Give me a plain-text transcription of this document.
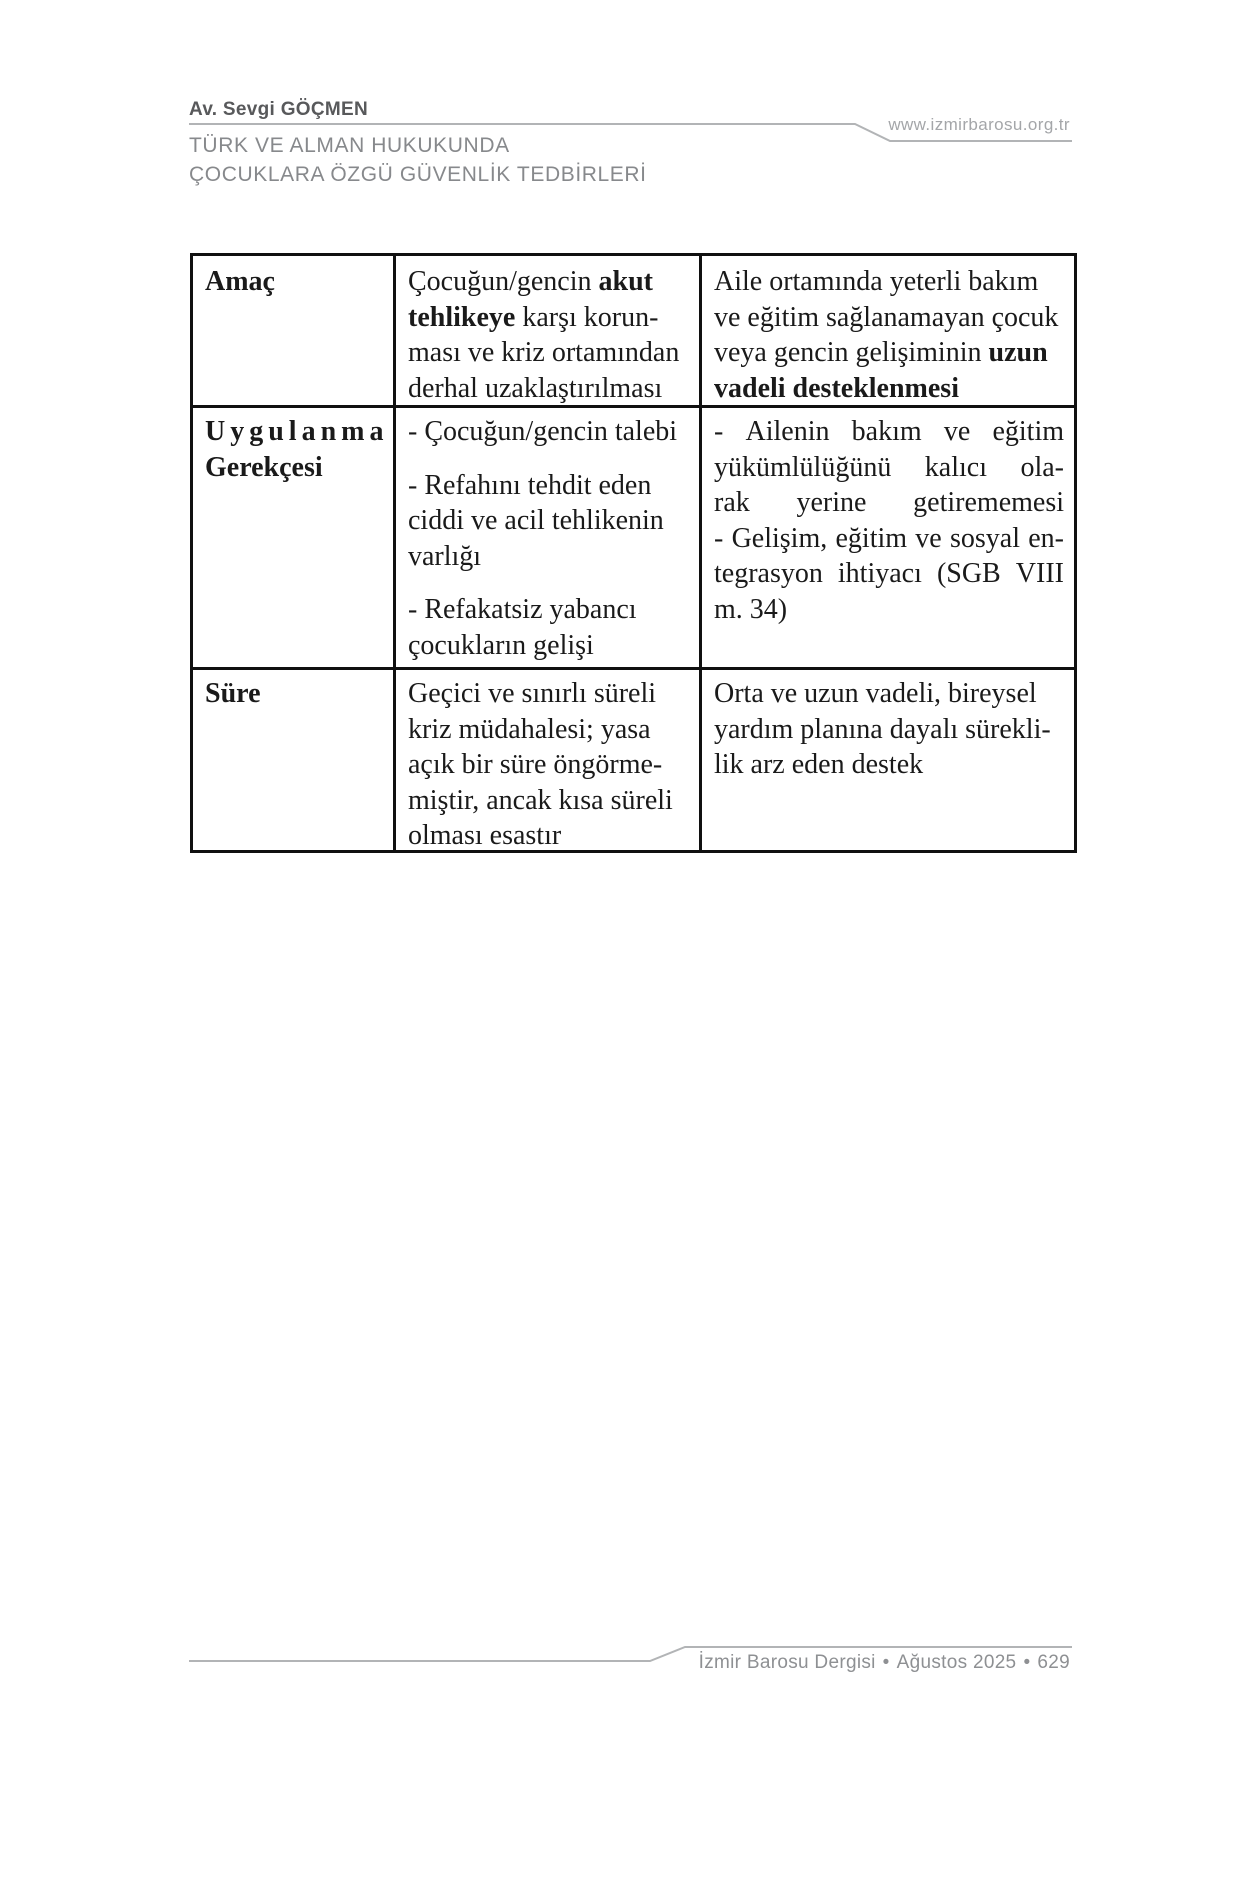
Av. Sevgi GÖÇMEN
www.izmirbarosu.org.tr
TÜRK VE ALMAN HUKUKUNDA
ÇOCUKLARA ÖZGÜ GÜVENLİK TEDBİRLERİ
Amaç	Çocuğun/gencin akut
tehlikeye karşı korun-
ması ve kriz ortamından
derhal uzaklaştırılması
Aile ortamında yeterli bakım
ve eğitim sağlanamayan çocuk
veya gencin gelişiminin uzun
vadeli desteklenmesi
Uygulanma
Gerekçesi
- Çocuğun/gencin talebi
- Refahını tehdit eden
ciddi ve acil tehlikenin
varlığı
- Refakatsiz yabancı
çocukların gelişi
- Ailenin bakım ve eğitim
yükümlülüğünü kalıcı ola-
rak yerine getirememesi
- Gelişim, eğitim ve sosyal en-
tegrasyon ihtiyacı (SGB VIII
m. 34)
Süre	Geçici ve sınırlı süreli
kriz müdahalesi; yasa
açık bir süre öngörme-
miştir, ancak kısa süreli
olması esastır
Orta ve uzun vadeli, bireysel
yardım planına dayalı sürekli-
lik arz eden destek
İzmir Barosu Dergisi • Ağustos 2025 • 629
